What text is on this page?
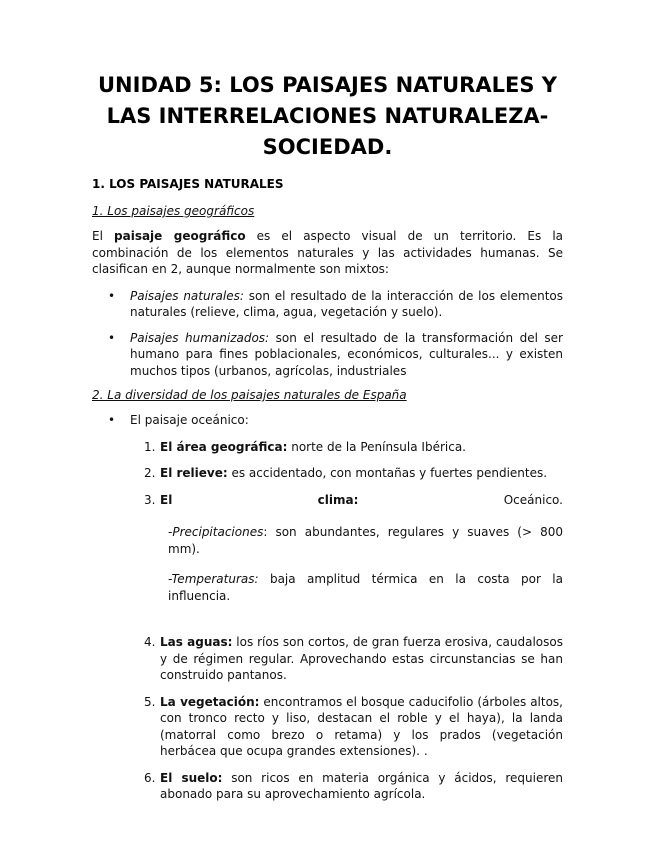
UNIDAD 5: LOS PAISAJES NATURALES Y LAS INTERRELACIONES NATURALEZA-SOCIEDAD.
1. LOS PAISAJES NATURALES
1. Los paisajes geográficos

El paisaje geográfico es el aspecto visual de un territorio. Es la combinación de los elementos naturales y las actividades humanas. Se clasifican en 2, aunque normalmente son mixtos:

• Paisajes naturales: son el resultado de la interacción de los elementos naturales (relieve, clima, agua, vegetación y suelo).
• Paisajes humanizados: son el resultado de la transformación del ser humano para fines poblacionales, económicos, culturales... y existen muchos tipos (urbanos, agrícolas, industriales
2. La diversidad de los paisajes naturales de España
• El paisaje oceánico:
1. El área geográfica: norte de la Península Ibérica.
2. El relieve: es accidentado, con montañas y fuertes pendientes.
3. El	clima:	Oceánico.
-Precipitaciones: son abundantes, regulares y suaves (> 800 mm).
-Temperaturas: baja amplitud térmica en la costa por la influencia.
4. Las aguas: los ríos son cortos, de gran fuerza erosiva, caudalosos y de régimen regular. Aprovechando estas circunstancias se han construido pantanos.
5. La vegetación: encontramos el bosque caducifolio (árboles altos, con tronco recto y liso, destacan el roble y el haya), la landa (matorral como brezo o retama) y los prados (vegetación herbácea que ocupa grandes extensiones). .
6. El suelo: son ricos en materia orgánica y ácidos, requieren abonado para su aprovechamiento agrícola.
